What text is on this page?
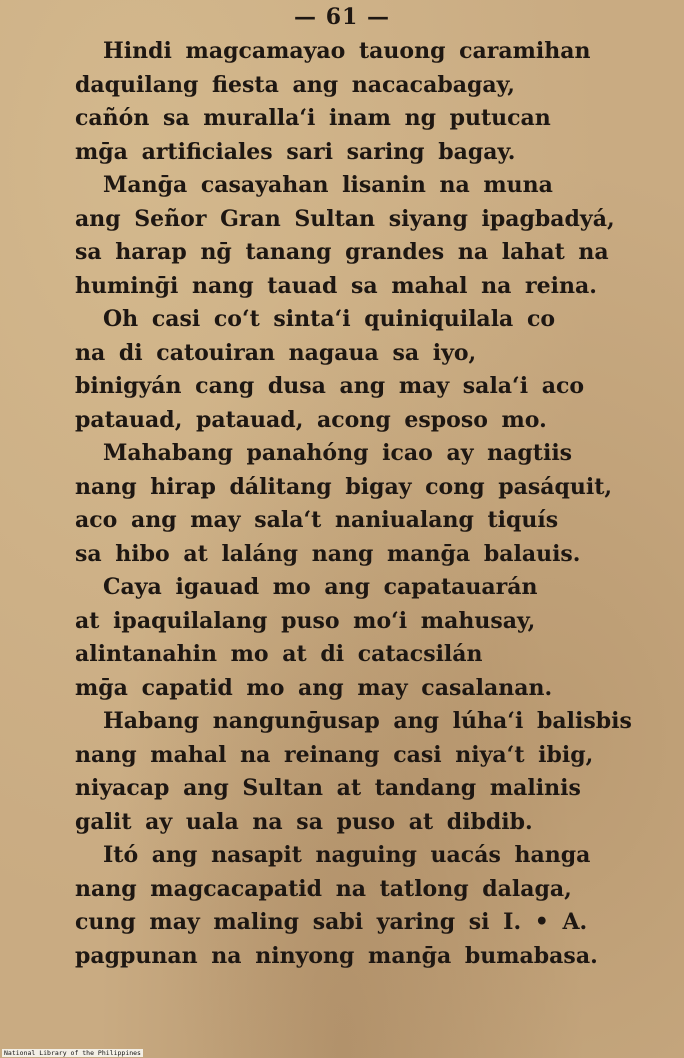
— 61 —
Hindi magcamayao tauong caramihan
daquilang fiesta ang nacacabagay,
cañón sa muralla‘i inam ng putucan
mḡa artificiales sari saring bagay.
Manḡa casayahan lisanin na muna
ang Señor Gran Sultan siyang ipagbadyá,
sa harap nḡ tanang grandes na lahat na
huminḡi nang tauad sa mahal na reina.
Oh casi co‘t sinta‘i quiniquilala co
na di catouiran nagaua sa iyo,
binigyán cang dusa ang may sala‘i aco
patauad, patauad, acong esposo mo.
Mahabang panahóng icao ay nagtiis
nang hirap dálitang bigay cong pasáquit,
aco ang may sala‘t naniualang tiquís
sa hibo at laláng nang manḡa balauis.
Caya igauad mo ang capatauarán
at ipaquilalang puso mo‘i mahusay,
alintanahin mo at di catacsilán
mḡa capatid mo ang may casalanan.
Habang nangunḡusap ang lúha‘i balisbis
nang mahal na reinang casi niya‘t ibig,
niyacap ang Sultan at tandang malinis
galit ay uala na sa puso at dibdib.
Itó ang nasapit naguing uacás hanga
nang magcacapatid na tatlong dalaga,
cung may maling sabi yaring si I. • A.
pagpunan na ninyong manḡa bumabasa.
National Library of the Philippines
